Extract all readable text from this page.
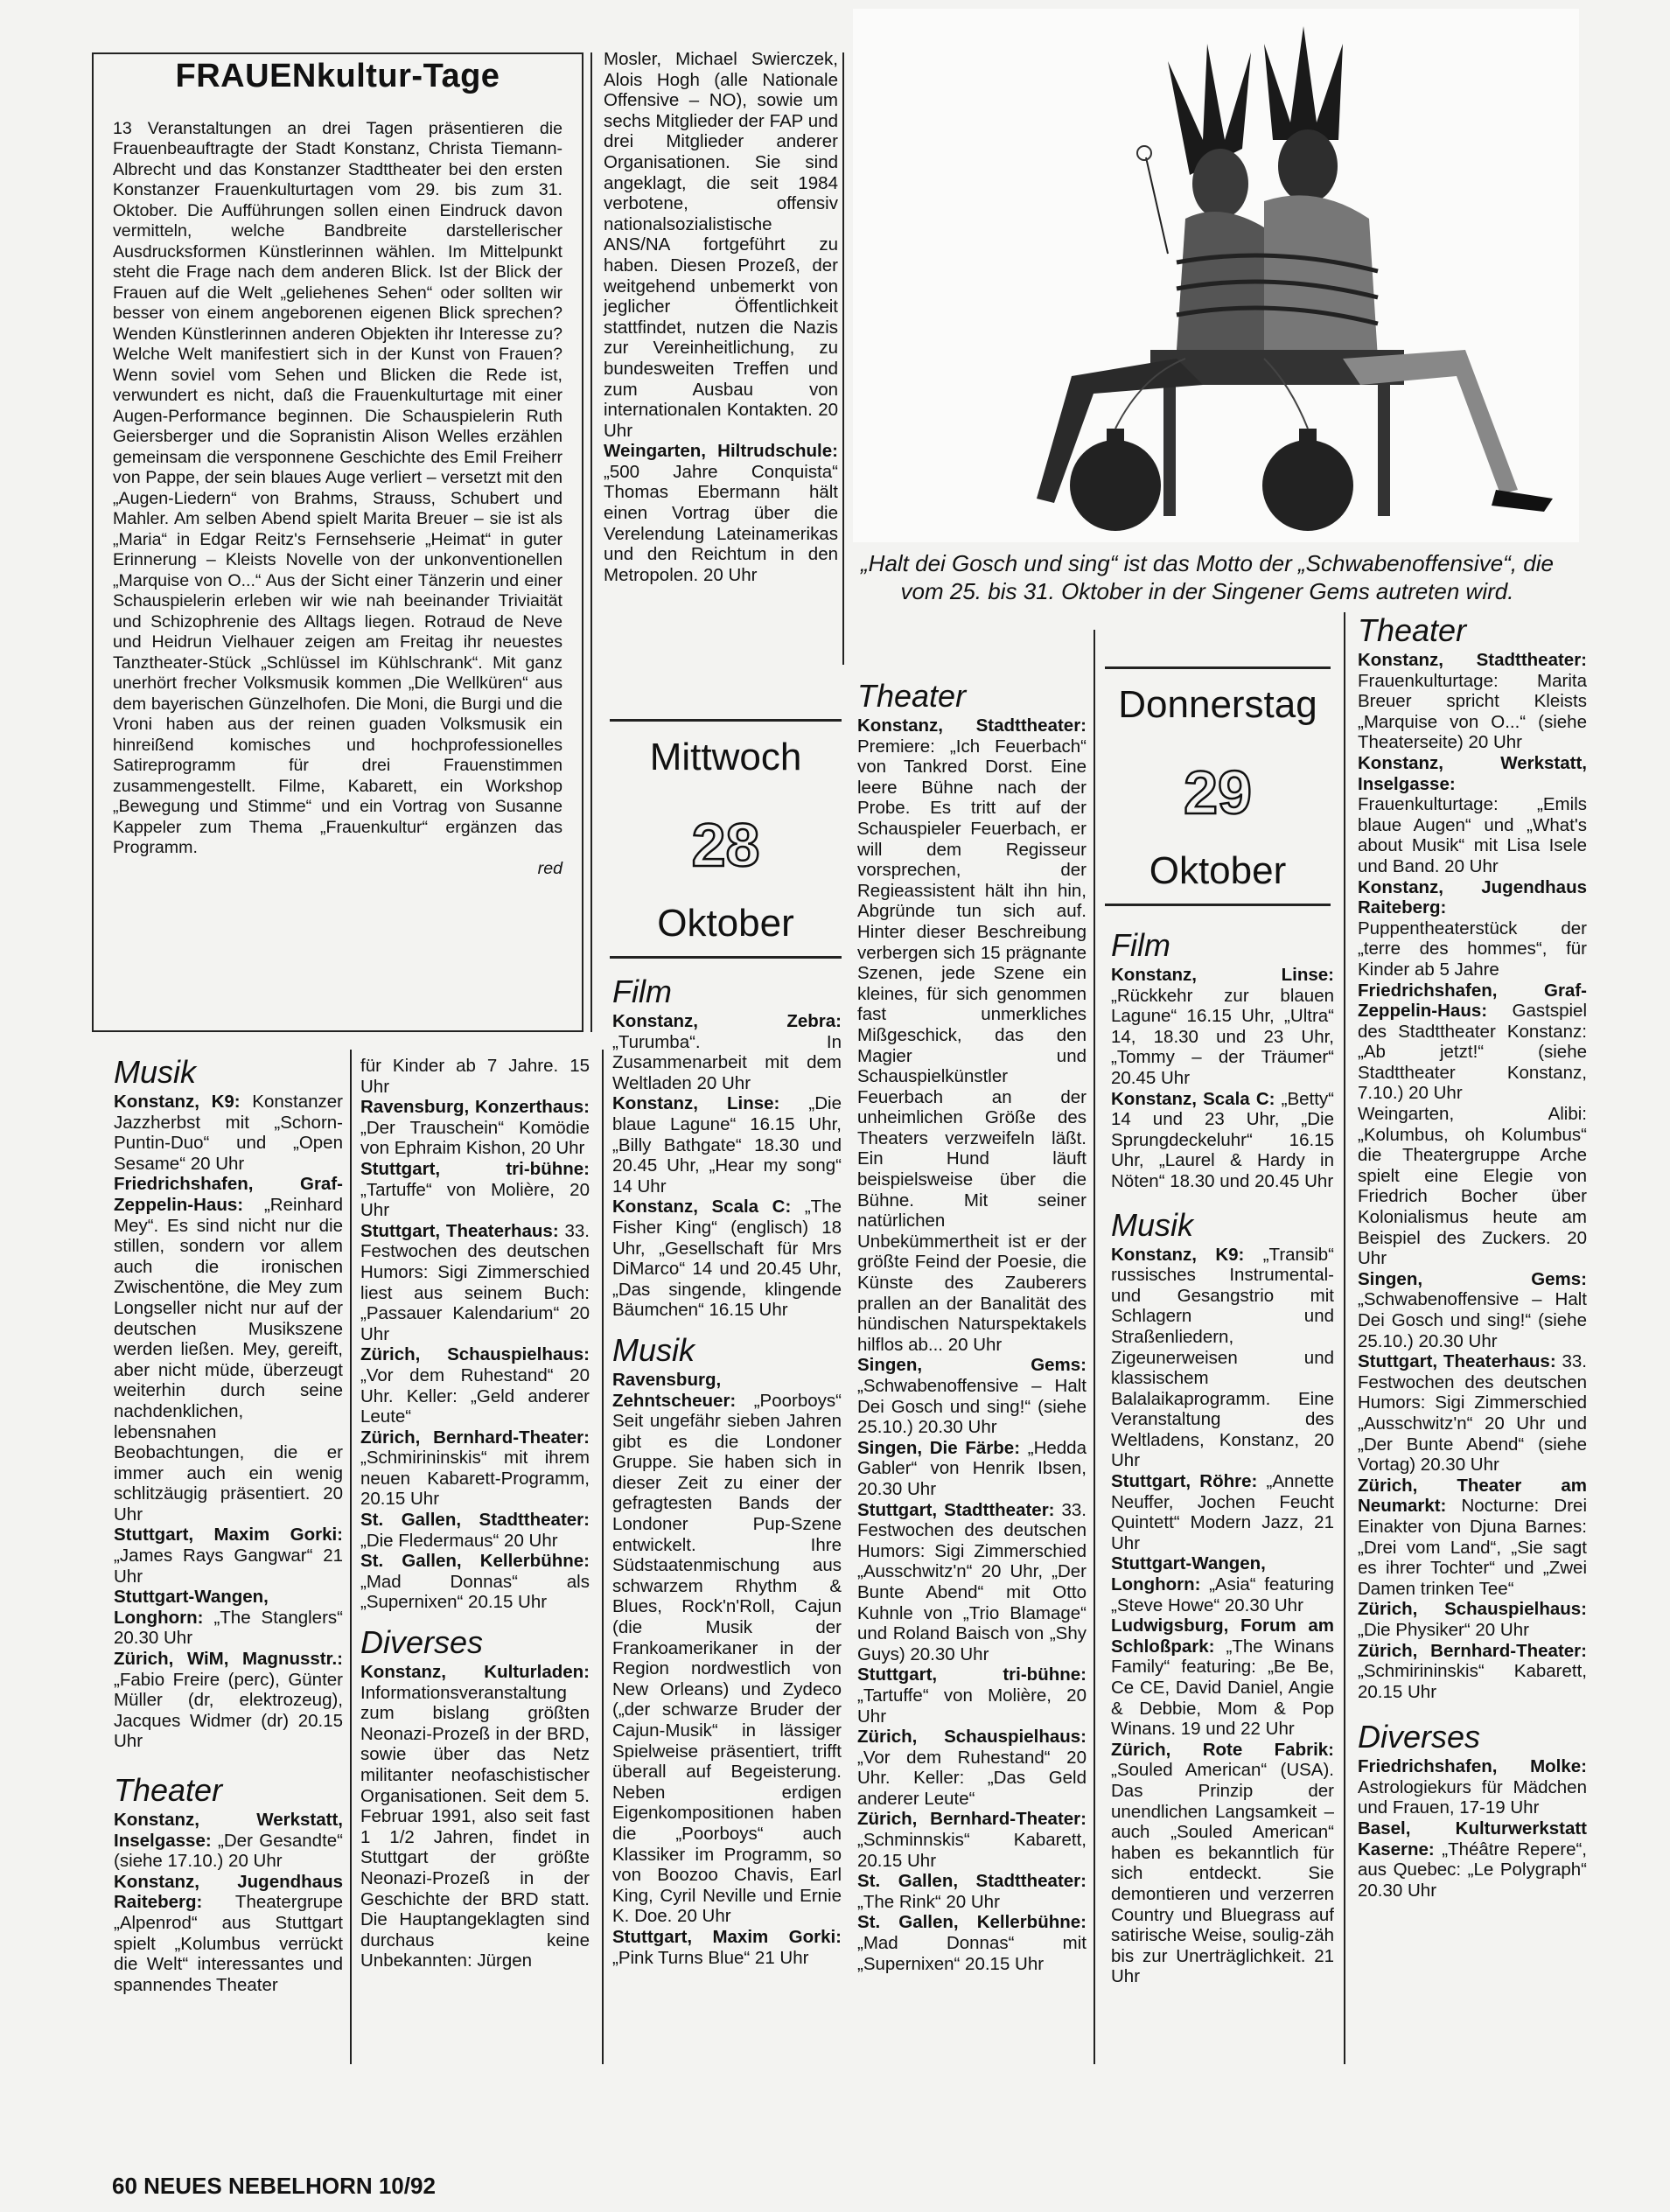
FRAUENkultur-Tage
13 Veranstaltungen an drei Tagen präsentieren die Frauenbeauftragte der Stadt Konstanz, Christa Tiemann-Albrecht und das Konstanzer Stadttheater bei den ersten Konstanzer Frauenkulturtagen vom 29. bis zum 31. Oktober. Die Aufführungen sollen einen Eindruck davon vermitteln, welche Bandbreite darstellerischer Ausdrucksformen Künstlerinnen wählen. Im Mittelpunkt steht die Frage nach dem anderen Blick. Ist der Blick der Frauen auf die Welt „geliehenes Sehen“ oder sollten wir besser von einem angeborenen eigenen Blick sprechen? Wenden Künstlerinnen anderen Objekten ihr Interesse zu? Welche Welt manifestiert sich in der Kunst von Frauen? Wenn soviel vom Sehen und Blicken die Rede ist, verwundert es nicht, daß die Frauenkulturtage mit einer Augen-Performance beginnen. Die Schauspielerin Ruth Geiersberger und die Sopranistin Alison Welles erzählen gemeinsam die versponnene Geschichte des Emil Freiherr von Pappe, der sein blaues Auge verliert – versetzt mit den „Augen-Liedern“ von Brahms, Strauss, Schubert und Mahler. Am selben Abend spielt Marita Breuer – sie ist als „Maria“ in Edgar Reitz's Fernsehserie „Heimat“ in guter Erinnerung – Kleists Novelle von der unkonventionellen „Marquise von O...“ Aus der Sicht einer Tänzerin und einer Schauspielerin erleben wir wie nah beeinander Triviaität und Schizophrenie des Alltags liegen. Rotraud de Neve und Heidrun Vielhauer zeigen am Freitag ihr neuestes Tanztheater-Stück „Schlüssel im Kühlschrank“. Mit ganz unerhört frecher Volksmusik kommen „Die Wellküren“ aus dem bayerischen Günzelhofen. Die Moni, die Burgi und die Vroni haben aus der reinen guaden Volksmusik ein hinreißend komisches und hochprofessionelles Satireprogramm für drei Frauenstimmen zusammengestellt. Filme, Kabarett, ein Workshop „Bewegung und Stimme“ und ein Vortrag von Susanne Kappeler zum Thema „Frauenkultur“ ergänzen das Programm.
red

Mosler, Michael Swierczek, Alois Hogh (alle Nationale Offensive – NO), sowie um sechs Mitglieder der FAP und drei Mitglieder anderer Organisationen. Sie sind angeklagt, die seit 1984 verbotene, offensiv nationalsozialistische ANS/NA fortgeführt zu haben. Diesen Prozeß, der weitgehend unbemerkt von jeglicher Öffentlichkeit stattfindet, nutzen die Nazis zur Vereinheitlichung, zu bundesweiten Treffen und zum Ausbau von internationalen Kontakten. 20 Uhr

Weingarten, Hiltrudschule: „500 Jahre Conquista“ Thomas Ebermann hält einen Vortrag über die Verelendung Lateinamerikas und den Reichtum in den Metropolen. 20 Uhr	„Halt dei Gosch und sing“ ist das Motto der „Schwabenoffensive“, die vom 25. bis 31. Oktober in der Singener Gems autreten wird.
Mittwoch
28
Oktober
Donnerstag
29
Oktober
Musik

Konstanz, K9: Konstanzer Jazzherbst mit „Schorn-Puntin-Duo“ und „Open Sesame“ 20 Uhr

Friedrichshafen, Graf-Zeppelin-Haus: „Reinhard Mey“. Es sind nicht nur die stillen, sondern vor allem auch die ironischen Zwischentöne, die Mey zum Longseller nicht nur auf der deutschen Musikszene werden ließen. Mey, gereift, aber nicht müde, überzeugt weiterhin durch seine nachdenklichen, lebensnahen Beobachtungen, die er immer auch ein wenig schlitzäugig präsentiert. 20 Uhr

Stuttgart, Maxim Gorki: „James Rays Gangwar“ 21 Uhr

Stuttgart-Wangen, Longhorn: „The Stanglers“ 20.30 Uhr

Zürich, WiM, Magnusstr.: „Fabio Freire (perc), Günter Müller (dr, elektrozeug), Jacques Widmer (dr) 20.15 Uhr

Theater

Konstanz, Werkstatt, Inselgasse: „Der Gesandte“ (siehe 17.10.) 20 Uhr

Konstanz, Jugendhaus Raiteberg: Theatergrupe „Alpenrod“ aus Stuttgart spielt „Kolumbus verrückt die Welt“ interessantes und spannendes Theater

für Kinder ab 7 Jahre. 15 Uhr

Ravensburg, Konzerthaus: „Der Trauschein“ Komödie von Ephraim Kishon, 20 Uhr

Stuttgart, tri-bühne: „Tartuffe“ von Molière, 20 Uhr

Stuttgart, Theaterhaus: 33. Festwochen des deutschen Humors: Sigi Zimmerschied liest aus seinem Buch: „Passauer Kalendarium“ 20 Uhr

Zürich, Schauspielhaus: „Vor dem Ruhestand“ 20 Uhr. Keller: „Geld anderer Leute“

Zürich, Bernhard-Theater: „Schmirininskis“ mit ihrem neuen Kabarett-Programm, 20.15 Uhr

St. Gallen, Stadttheater: „Die Fledermaus“ 20 Uhr

St. Gallen, Kellerbühne: „Mad Donnas“ als „Supernixen“ 20.15 Uhr

Diverses

Konstanz, Kulturladen: Informationsveranstaltung zum bislang größten Neonazi-Prozeß in der BRD, sowie über das Netz militanter neofaschistischer Organisationen. Seit dem 5. Februar 1991, also seit fast 1 1/2 Jahren, findet in Stuttgart der größte Neonazi-Prozeß in der Geschichte der BRD statt. Die Hauptangeklagten sind durchaus keine Unbekannten: Jürgen

Film

Konstanz, Zebra: „Turumba“. In Zusammenarbeit mit dem Weltladen 20 Uhr

Konstanz, Linse: „Die blaue Lagune“ 16.15 Uhr, „Billy Bathgate“ 18.30 und 20.45 Uhr, „Hear my song“ 14 Uhr

Konstanz, Scala C: „The Fisher King“ (englisch) 18 Uhr, „Gesellschaft für Mrs DiMarco“ 14 und 20.45 Uhr, „Das singende, klingende Bäumchen“ 16.15 Uhr

Musik

Ravensburg, Zehntscheuer: „Poorboys“ Seit ungefähr sieben Jahren gibt es die Londoner Gruppe. Sie haben sich in dieser Zeit zu einer der gefragtesten Bands der Londoner Pup-Szene entwickelt. Ihre Südstaatenmischung aus schwarzem Rhythm & Blues, Rock'n'Roll, Cajun (die Musik der Frankoamerikaner in der Region nordwestlich von New Orleans) und Zydeco („der schwarze Bruder der Cajun-Musik“ in lässiger Spielweise präsentiert, trifft überall auf Begeisterung. Neben erdigen Eigenkompositionen haben die „Poorboys“ auch Klassiker im Programm, so von Boozoo Chavis, Earl King, Cyril Neville und Ernie K. Doe. 20 Uhr

Stuttgart, Maxim Gorki: „Pink Turns Blue“ 21 Uhr

Theater

Konstanz, Stadttheater: Premiere: „Ich Feuerbach“ von Tankred Dorst. Eine leere Bühne nach der Probe. Es tritt auf der Schauspieler Feuerbach, er will dem Regisseur vorsprechen, der Regieassistent hält ihn hin, Abgründe tun sich auf. Hinter dieser Beschreibung verbergen sich 15 prägnante Szenen, jede Szene ein kleines, für sich genommen fast unmerkliches Mißgeschick, das den Magier und Schauspielkünstler Feuerbach an der unheimlichen Größe des Theaters verzweifeln läßt. Ein Hund läuft beispielsweise über die Bühne. Mit seiner natürlichen Unbekümmertheit ist er der größte Feind der Poesie, die Künste des Zauberers prallen an der Banalität des hündischen Naturspektakels hilflos ab... 20 Uhr

Singen, Gems: „Schwabenoffensive – Halt Dei Gosch und sing!“ (siehe 25.10.) 20.30 Uhr

Singen, Die Färbe: „Hedda Gabler“ von Henrik Ibsen, 20.30 Uhr

Stuttgart, Stadttheater: 33. Festwochen des deutschen Humors: Sigi Zimmerschied „Ausschwitz'n“ 20 Uhr, „Der Bunte Abend“ mit Otto Kuhnle von „Trio Blamage“ und Roland Baisch von „Shy Guys) 20.30 Uhr

Stuttgart, tri-bühne: „Tartuffe“ von Molière, 20 Uhr

Zürich, Schauspielhaus: „Vor dem Ruhestand“ 20 Uhr. Keller: „Das Geld anderer Leute“

Zürich, Bernhard-Theater: „Schminnskis“ Kabarett, 20.15 Uhr

St. Gallen, Stadttheater: „The Rink“ 20 Uhr

St. Gallen, Kellerbühne: „Mad Donnas“ mit „Supernixen“ 20.15 Uhr

Film

Konstanz, Linse: „Rückkehr zur blauen Lagune“ 16.15 Uhr, „Ultra“ 14, 18.30 und 23 Uhr, „Tommy – der Träumer“ 20.45 Uhr

Konstanz, Scala C: „Betty“ 14 und 23 Uhr, „Die Sprungdeckeluhr“ 16.15 Uhr, „Laurel & Hardy in Nöten“ 18.30 und 20.45 Uhr

Musik

Konstanz, K9: „Transib“ russisches Instrumental- und Gesangstrio mit Schlagern und Straßenliedern, Zigeunerweisen und klassischem Balalaikaprogramm. Eine Veranstaltung des Weltladens, Konstanz, 20 Uhr

Stuttgart, Röhre: „Annette Neuffer, Jochen Feucht Quintett“ Modern Jazz, 21 Uhr

Stuttgart-Wangen, Longhorn: „Asia“ featuring „Steve Howe“ 20.30 Uhr

Ludwigsburg, Forum am Schloßpark: „The Winans Family“ featuring: „Be Be, Ce CE, David Daniel, Angie & Debbie, Mom & Pop Winans. 19 und 22 Uhr

Zürich, Rote Fabrik: „Souled American“ (USA). Das Prinzip der unendlichen Langsamkeit – auch „Souled American“ haben es bekanntlich für sich entdeckt. Sie demontieren und verzerren Country und Bluegrass auf satirische Weise, soulig-zäh bis zur Unerträglichkeit. 21 Uhr

Theater

Konstanz, Stadttheater: Frauenkulturtage: Marita Breuer spricht Kleists „Marquise von O...“ (siehe Theaterseite) 20 Uhr

Konstanz, Werkstatt, Inselgasse: Frauenkulturtage: „Emils blaue Augen“ und „What's about Musik“ mit Lisa Isele und Band. 20 Uhr

Konstanz, Jugendhaus Raiteberg: Puppentheaterstück der „terre des hommes“, für Kinder ab 5 Jahre

Friedrichshafen, Graf-Zeppelin-Haus: Gastspiel des Stadttheater Konstanz: „Ab jetzt!“ (siehe Stadttheater Konstanz, 7.10.) 20 Uhr

Weingarten, Alibi: „Kolumbus, oh Kolumbus“ die Theatergruppe Arche spielt eine Elegie von Friedrich Bocher über Kolonialismus heute am Beispiel des Zuckers. 20 Uhr

Singen, Gems: „Schwabenoffensive – Halt Dei Gosch und sing!“ (siehe 25.10.) 20.30 Uhr

Stuttgart, Theaterhaus: 33. Festwochen des deutschen Humors: Sigi Zimmerschied „Ausschwitz'n“ 20 Uhr und „Der Bunte Abend“ (siehe Vortag) 20.30 Uhr

Zürich, Theater am Neumarkt: Nocturne: Drei Einakter von Djuna Barnes: „Drei vom Land“, „Sie sagt es ihrer Tochter“ und „Zwei Damen trinken Tee“

Zürich, Schauspielhaus: „Die Physiker“ 20 Uhr

Zürich, Bernhard-Theater: „Schmirininskis“ Kabarett, 20.15 Uhr

Diverses

Friedrichshafen, Molke: Astrologiekurs für Mädchen und Frauen, 17-19 Uhr

Basel, Kulturwerkstatt Kaserne: „Théâtre Repere“, aus Quebec: „Le Polygraph“ 20.30 Uhr

60 NEUES NEBELHORN 10/92
